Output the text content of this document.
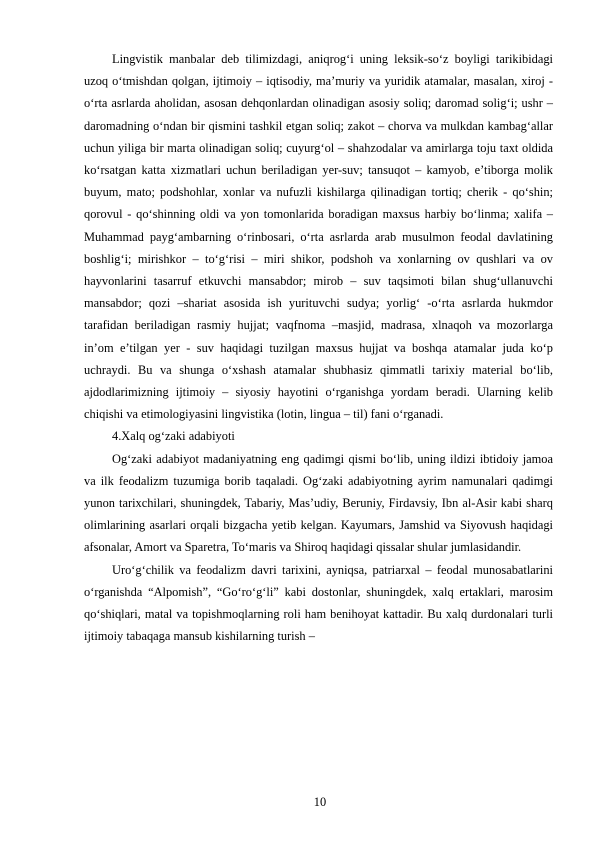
Lingvistik manbalar deb tilimizdagi, aniqrog‘i uning leksik-so‘z boyligi tarikibidagi uzoq o‘tmishdan qolgan, ijtimoiy – iqtisodiy, ma’muriy va yuridik atamalar, masalan, xiroj - o‘rta asrlarda aholidan, asosan dehqonlardan olinadigan asosiy soliq; daromad solig‘i; ushr – daromadning o‘ndan bir qismini tashkil etgan soliq; zakot – chorva va mulkdan kambag‘allar uchun yiliga bir marta olinadigan soliq; cuyurg‘ol – shahzodalar va amirlarga toju taxt oldida ko‘rsatgan katta xizmatlari uchun beriladigan yer-suv; tansuqot – kamyob, e’tiborga molik buyum, mato; podshohlar, xonlar va nufuzli kishilarga qilinadigan tortiq; cherik - qo‘shin; qorovul - qo‘shinning oldi va yon tomonlarida boradigan maxsus harbiy bo‘linma; xalifa –Muhammad payg‘ambarning o‘rinbosari, o‘rta asrlarda arab musulmon feodal davlatining boshlig‘i; mirishkor – to‘g‘risi – miri shikor, podshoh va xonlarning ov qushlari va ov hayvonlarini tasarruf etkuvchi mansabdor; mirob – suv taqsimoti bilan shug‘ullanuvchi mansabdor; qozi –shariat asosida ish yurituvchi sudya; yorlig‘ -o‘rta asrlarda hukmdor tarafidan beriladigan rasmiy hujjat; vaqfnoma –masjid, madrasa, xlnaqoh va mozorlarga in’om e’tilgan yer - suv haqidagi tuzilgan maxsus hujjat va boshqa atamalar juda ko‘p uchraydi. Bu va shunga o‘xshash atamalar shubhasiz qimmatli tarixiy material bo‘lib, ajdodlarimizning ijtimoiy – siyosiy hayotini o‘rganishga yordam beradi. Ularning kelib chiqishi va etimologiyasini lingvistika (lotin, lingua – til) fani o‘rganadi.

4.Xalq og‘zaki adabiyoti

Og‘zaki adabiyot madaniyatning eng qadimgi qismi bo‘lib, uning ildizi ibtidoiy jamoa va ilk feodalizm tuzumiga borib taqaladi. Og‘zaki adabiyotning ayrim namunalari qadimgi yunon tarixchilari, shuningdek, Tabariy, Mas’udiy, Beruniy, Firdavsiy, Ibn al-Asir kabi sharq olimlarining asarlari orqali bizgacha yetib kelgan. Kayumars, Jamshid va Siyovush haqidagi afsonalar, Amort va Sparetra, To‘maris va Shiroq haqidagi qissalar shular jumlasidandir.

Uro‘g‘chilik va feodalizm davri tarixini, ayniqsa, patriarxal – feodal munosabatlarini o‘rganishda “Alpomish”, “Go‘ro‘g‘li” kabi dostonlar, shuningdek, xalq ertaklari, marosim qo‘shiqlari, matal va topishmoqlarning roli ham benihoyat kattadir. Bu xalq durdonalari turli ijtimoiy tabaqaga mansub kishilarning turish –

10
